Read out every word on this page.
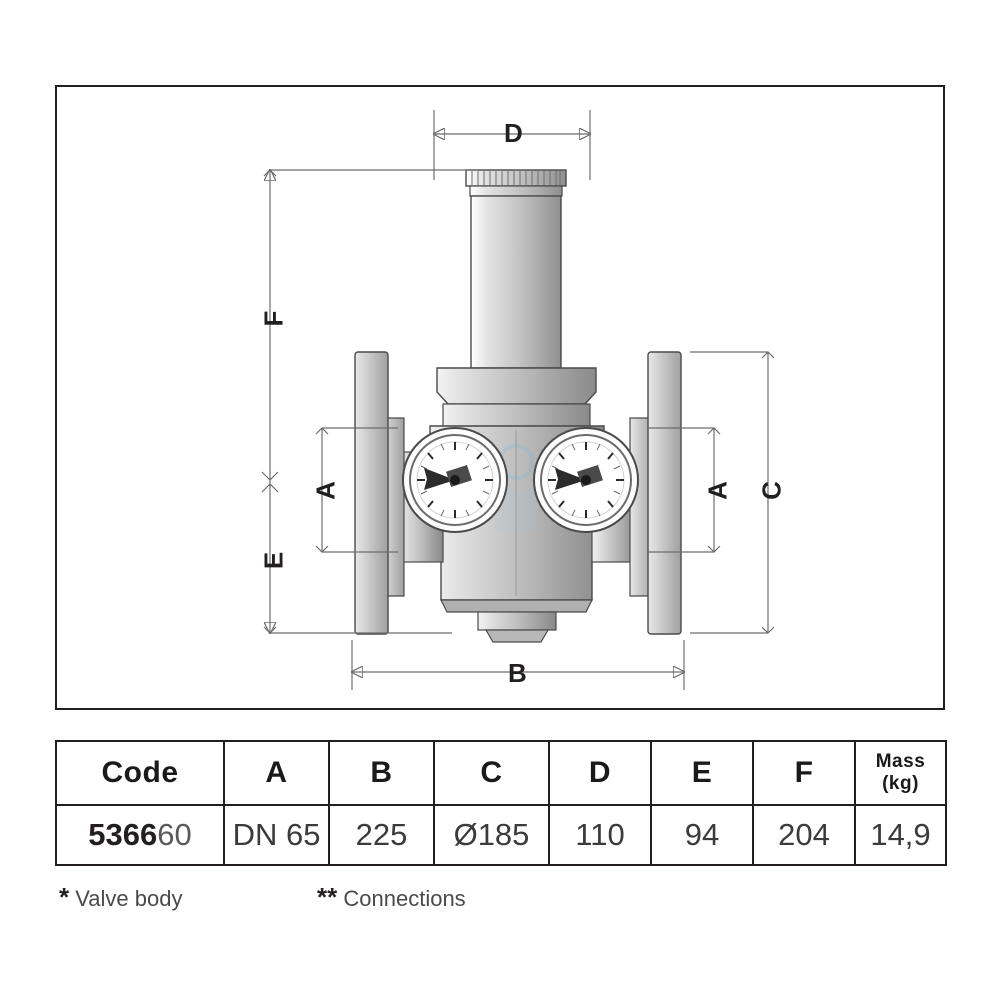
D
F
E
A	A C
B
Code	A	B	C	D	E	F	Mass
(kg)

536660	DN 65	225	Ø185	110	94	204	14,9
* Valve body	** Connections
